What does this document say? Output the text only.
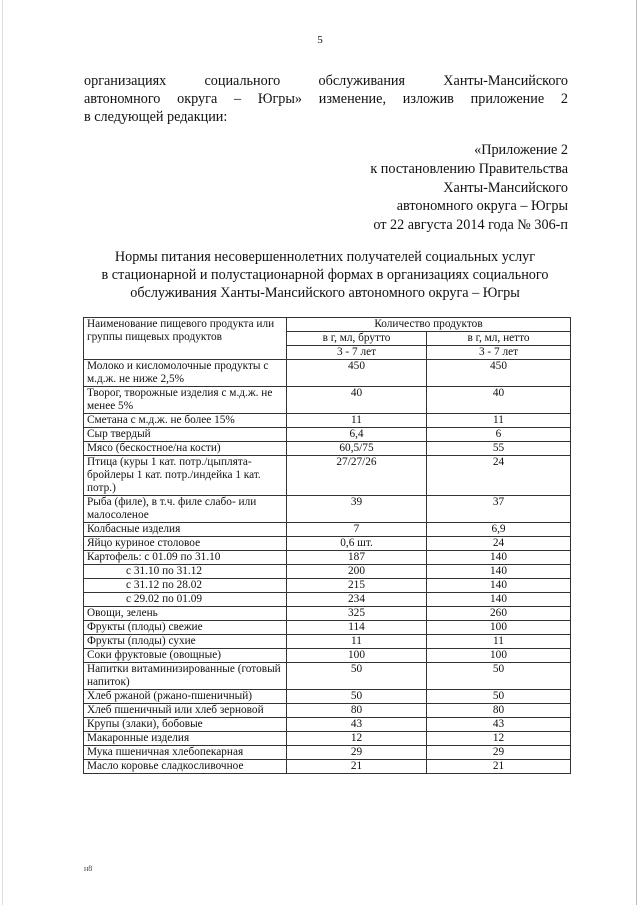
5
организациях социального обслуживания Ханты-Мансийского
автономного округа – Югры» изменение, изложив приложение 2
в следующей редакции:
«Приложение 2
к постановлению Правительства
Ханты-Мансийского
автономного округа – Югры
от 22 августа 2014 года № 306-п
Нормы питания несовершеннолетних получателей социальных услуг
в стационарной и полустационарной формах в организациях социального
обслуживания Ханты-Мансийского автономного округа – Югры
Наименование пищевого продукта или группы пищевых продуктов	Количество продуктов	
	в г, мл, брутто	в г, мл, нетто
	3 - 7 лет	3 - 7 лет
Молоко и кисломолочные продукты с м.д.ж. не ниже 2,5%	450	450
Творог, творожные изделия с м.д.ж. не менее 5%	40	40
Сметана с м.д.ж. не более 15%	11	11
Сыр твердый	6,4	6
Мясо (бескостное/на кости)	60,5/75	55
Птица (куры 1 кат. потр./цыплята-бройлеры 1 кат. потр./индейка 1 кат. потр.)	27/27/26	24
Рыба (филе), в т.ч. филе слабо- или малосоленое	39	37
Колбасные изделия	7	6,9
Яйцо куриное столовое	0,6 шт.	24
Картофель: с 01.09 по 31.10	187	140
с 31.10 по 31.12	200	140
с 31.12 по 28.02	215	140
с 29.02 по 01.09	234	140
Овощи, зелень	325	260
Фрукты (плоды) свежие	114	100
Фрукты (плоды) сухие	11	11
Соки фруктовые (овощные)	100	100
Напитки витаминизированные (готовый напиток)	50	50
Хлеб ржаной (ржано-пшеничный)	50	50
Хлеб пшеничный или хлеб зерновой	80	80
Крупы (злаки), бобовые	43	43
Макаронные изделия	12	12
Мука пшеничная хлебопекарная	29	29
Масло коровье сладкосливочное	21	21
н8
